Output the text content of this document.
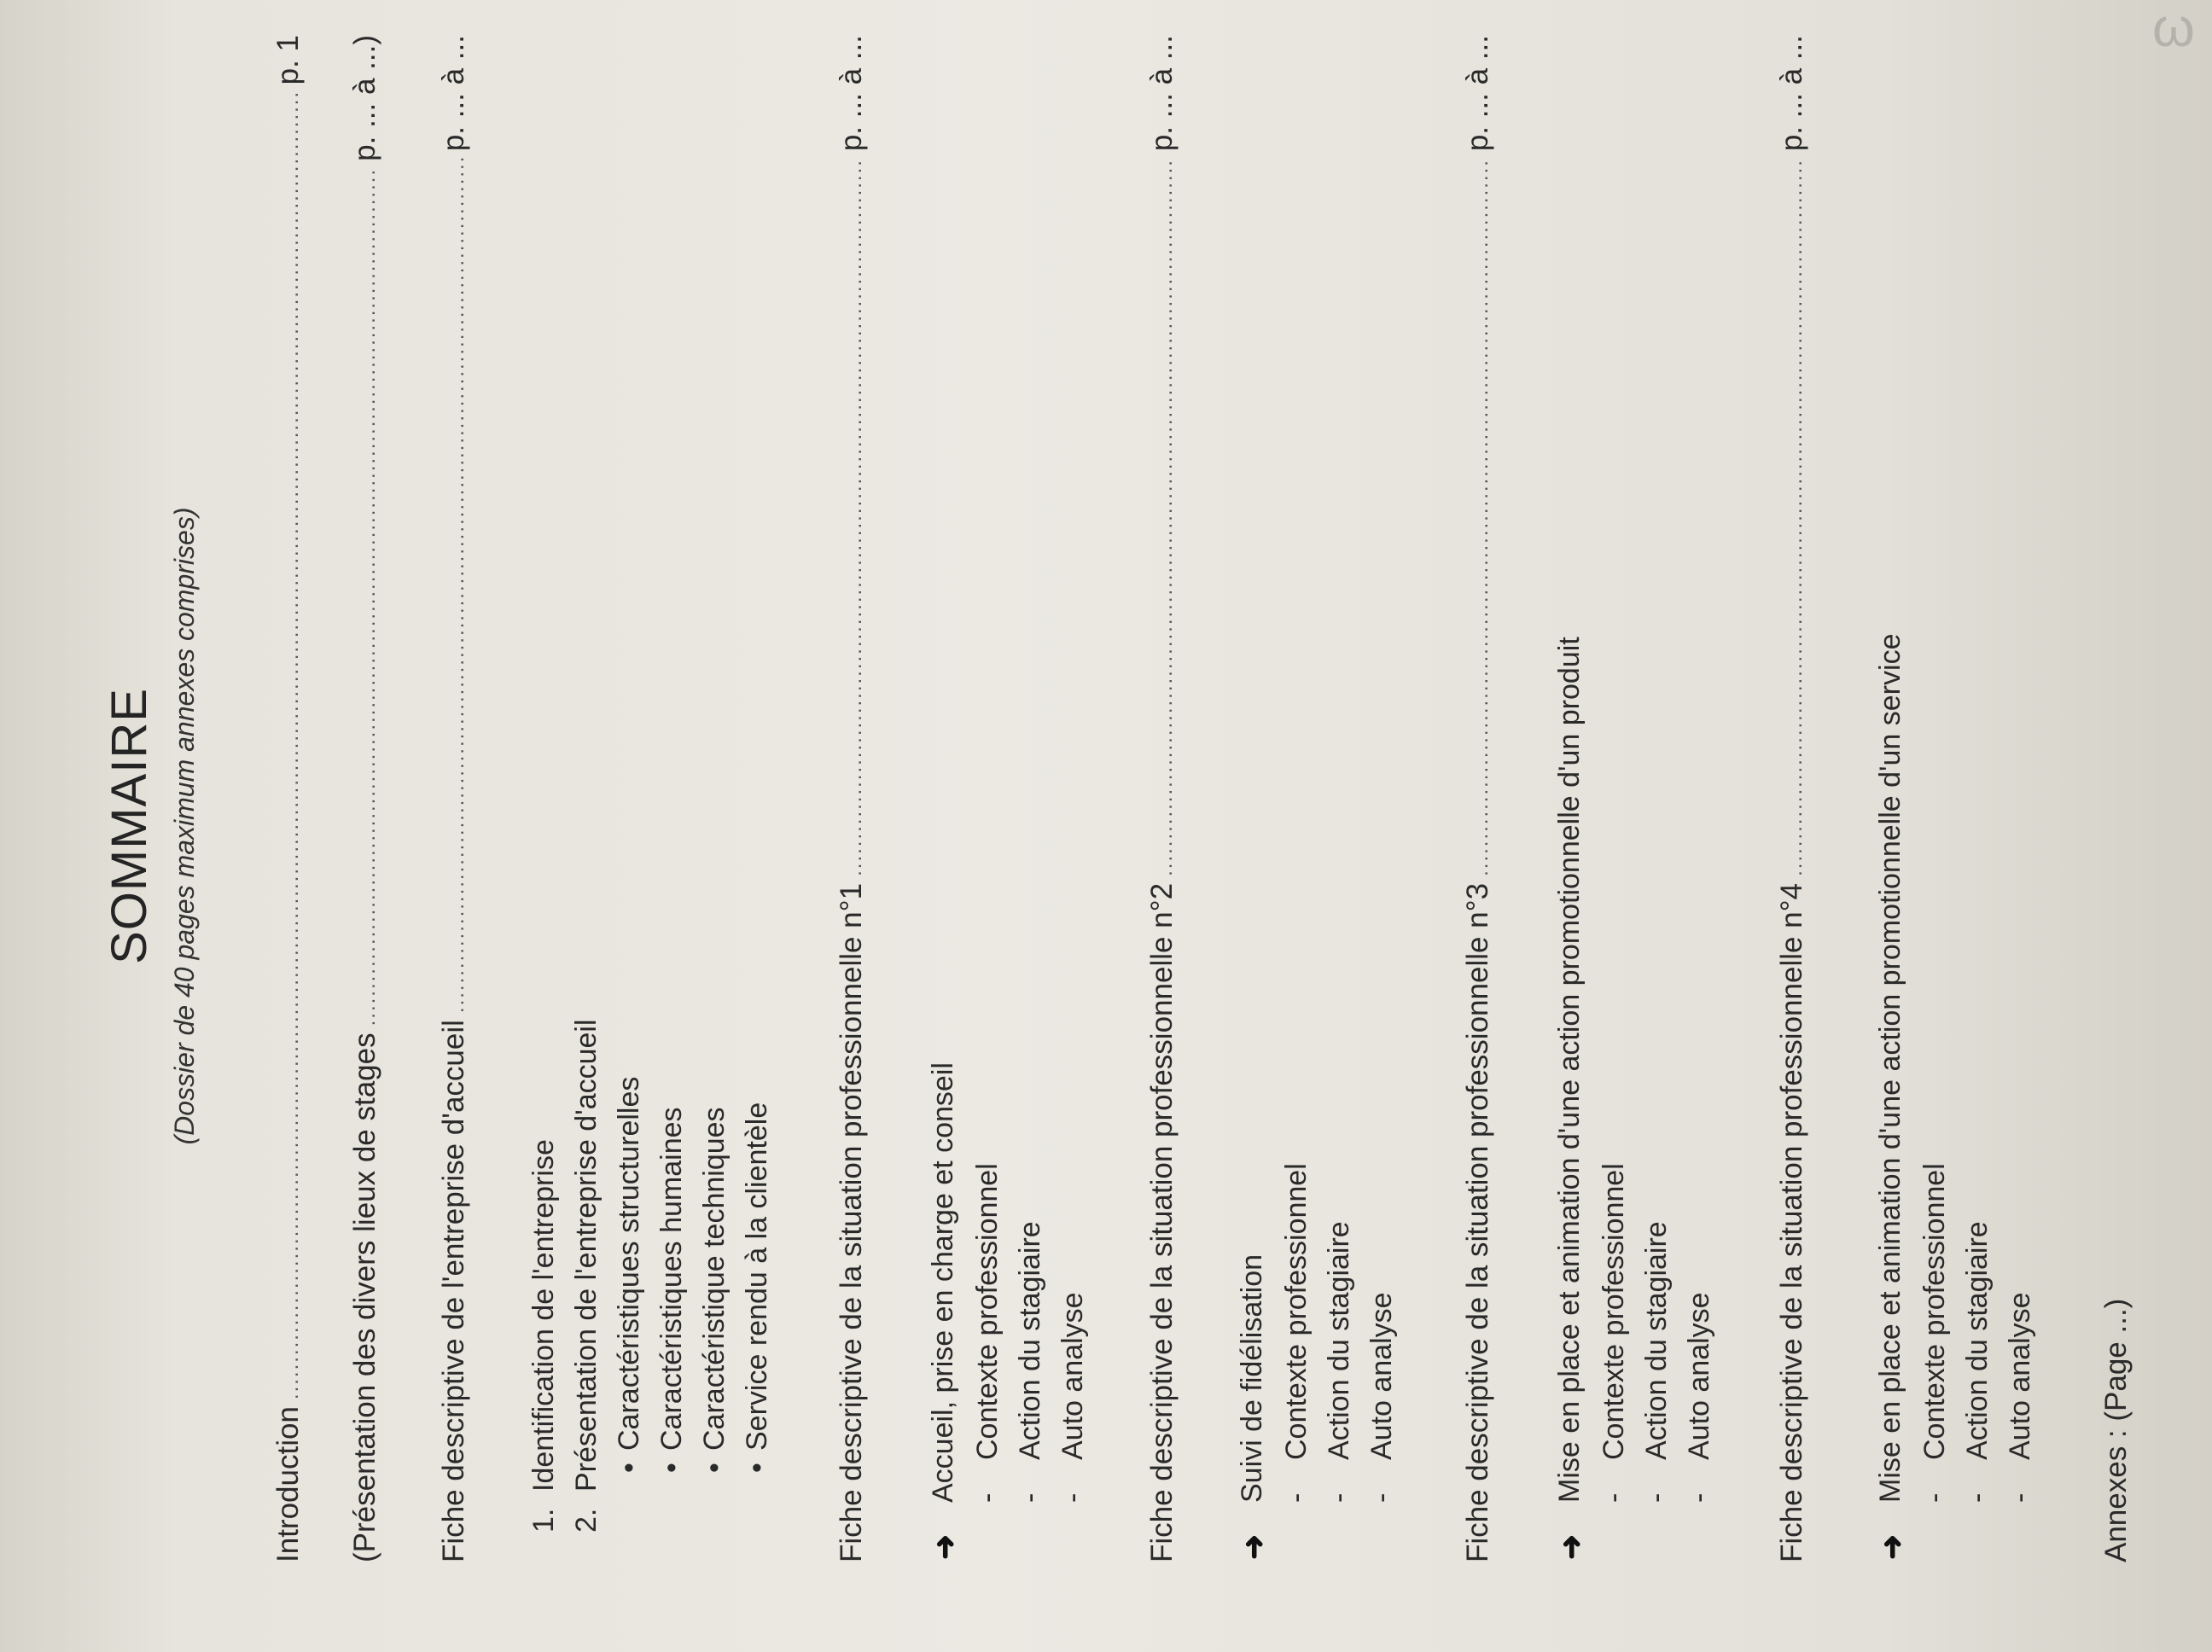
ω
SOMMAIRE (Dossier de 40 pages maximum annexes comprises)
Introduction
.....
p. 1
(Présentation des divers lieux de stages
.....
p. ... à ...)
Fiche descriptive de l'entreprise d'accueil
.....
p. ... à ...
1.Identification de l'entreprise
2.Présentation de l'entreprise d'accueil •Caractéristiques structurelles
•Caractéristiques humaines
•Caractéristique techniques
•Service rendu à la clientèle Fiche descriptive de la situation professionnelle n°1
.....
p. ... à ...
➜
Accueil, prise en charge et conseil -Contexte professionnel
-Action du stagiaire
-Auto analyse Fiche descriptive de la situation professionnelle n°2
.....
p. ... à ...
➜
Suivi de fidélisation -Contexte professionnel
-Action du stagiaire
-Auto analyse Fiche descriptive de la situation professionnelle n°3
.....
p. ... à ...
➜
Mise en place et animation d'une action promotionnelle d'un produit -Contexte professionnel
-Action du stagiaire
-Auto analyse Fiche descriptive de la situation professionnelle n°4
.....
p. ... à ...
➜
Mise en place et animation d'une action promotionnelle d'un service -Contexte professionnel
-Action du stagiaire
-Auto analyse Annexes : (Page ...)
